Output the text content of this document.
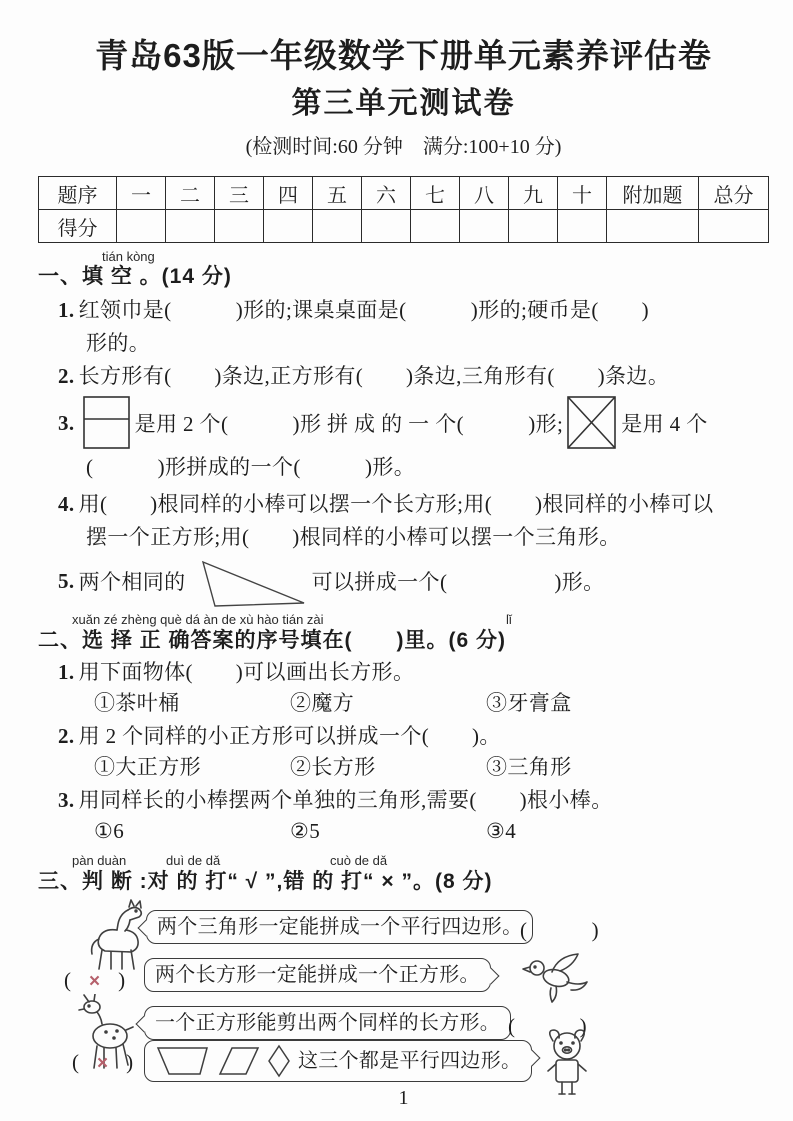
青岛63版一年级数学下册单元素养评估卷
第三单元测试卷
(检测时间:60 分钟　满分:100+10 分)
题序	一	二	三	四	五	六	七	八	九	十	附加题	总分
得分												
tián kòng
一、填 空 。(14 分)
1. 红领巾是(　　　)形的;课桌桌面是(　　　)形的;硬币是(　　)
形的。
2. 长方形有(　　)条边,正方形有(　　)条边,三角形有(　　)条边。
3.	是用 2 个(　　　)形 拼 成 的 一 个(　　　)形;	是用 4 个
(　　　)形拼成的一个(　　　)形。
4. 用(　　)根同样的小棒可以摆一个长方形;用(　　)根同样的小棒可以
摆一个正方形;用(　　)根同样的小棒可以摆一个三角形。
5. 两个相同的	可以拼成一个(　　　　　)形。
xuǎn zé zhèng què dá àn de xù hào tián zài	lǐ
二、选 择 正 确答案的序号填在(　　)里。(6 分)
1. 用下面物体(　　)可以画出长方形。
①茶叶桶	②魔方	③牙膏盒
2. 用 2 个同样的小正方形可以拼成一个(　　)。
①大正方形	②长方形	③三角形
3. 用同样长的小棒摆两个单独的三角形,需要(　　)根小棒。
①6	②5	③4
pàn duàn	duì de dǎ	cuò de dǎ
三、判 断 :对 的 打“ √ ”,错 的 打“ × ”。(8 分)
两个三角形一定能拼成一个平行四边形。
(　　　)
( × )	两个长方形一定能拼成一个正方形。
一个正方形能剪出两个同样的长方形。 (　　　)
( × )	这三个都是平行四边形。
1
